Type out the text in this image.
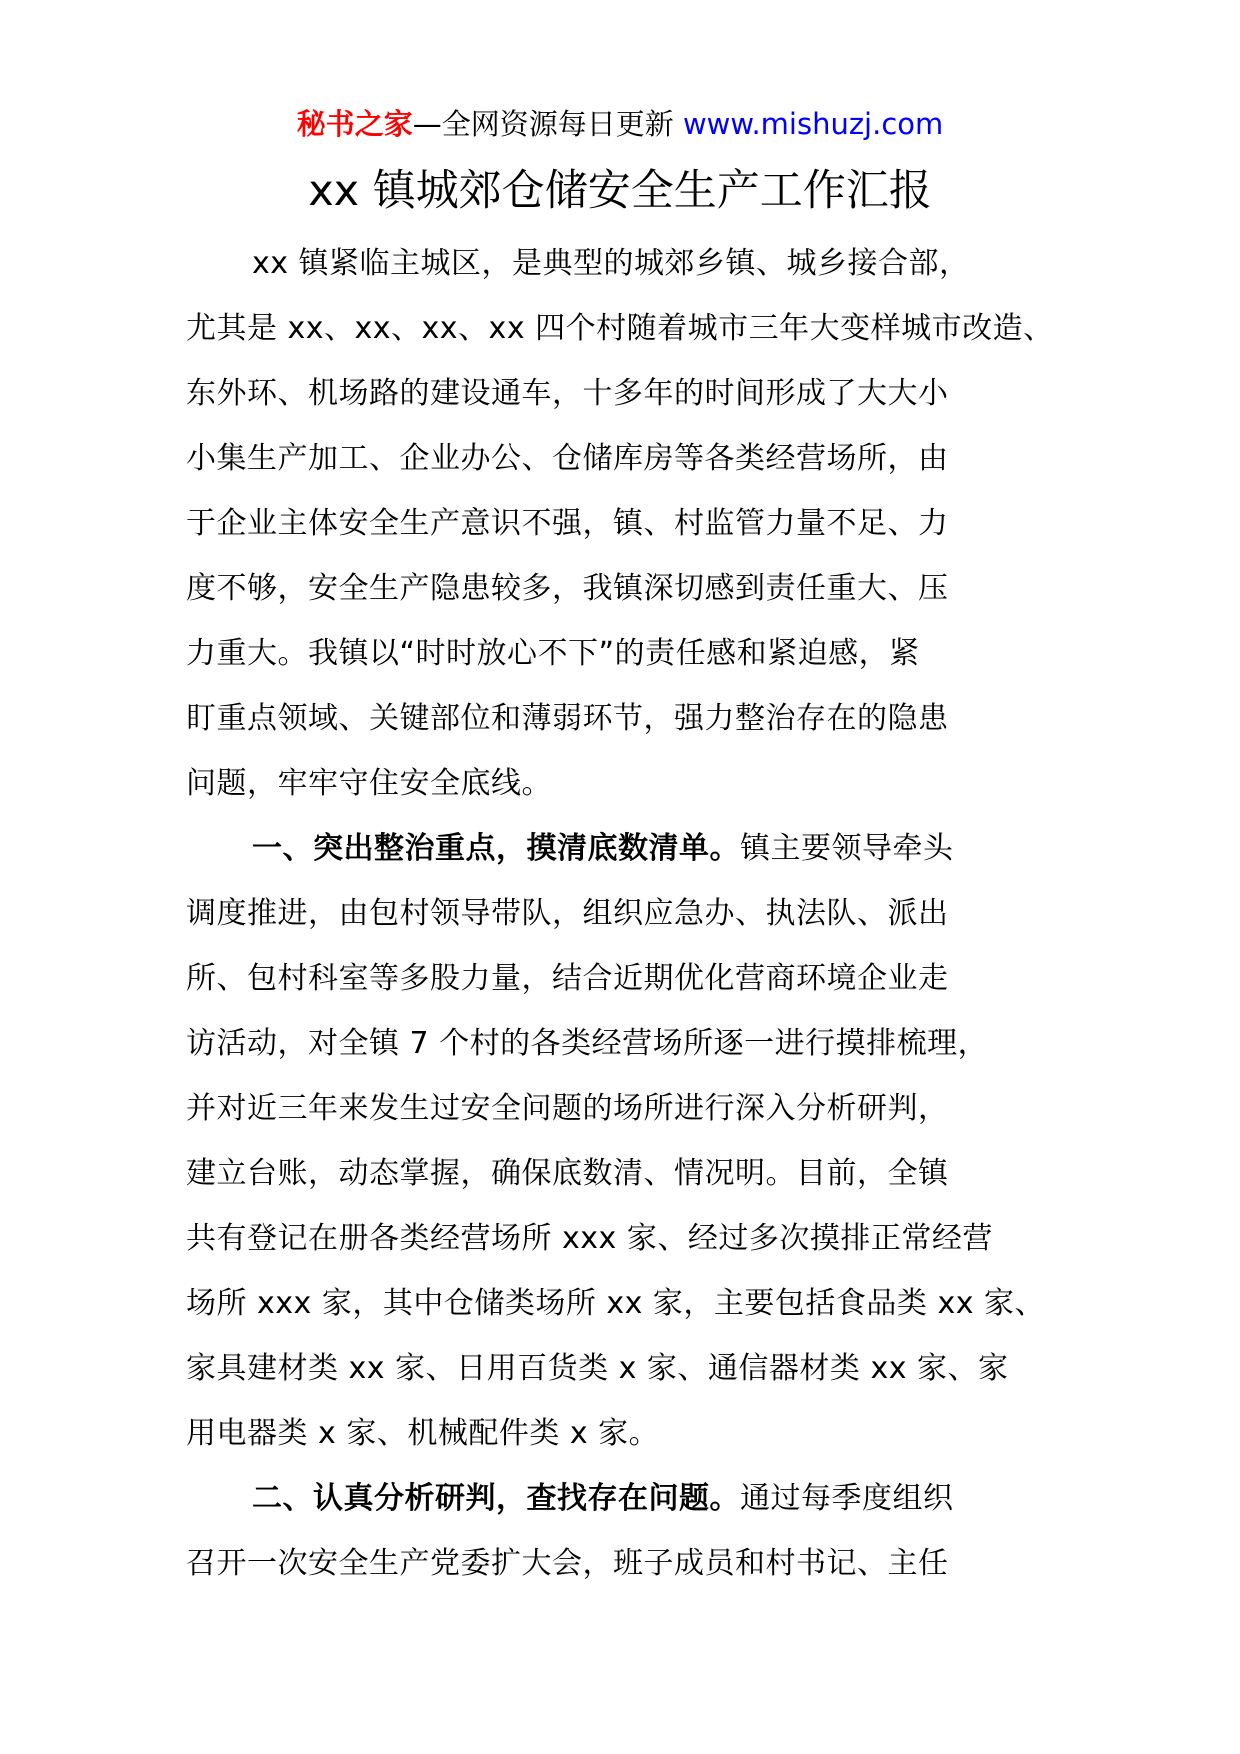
秘书之家—全网资源每日更新 www.mishuzj.com
xx 镇城郊仓储安全生产工作汇报
xx 镇紧临主城区，是典型的城郊乡镇、城乡接合部，
尤其是 xx、xx、xx、xx 四个村随着城市三年大变样城市改造、
东外环、机场路的建设通车，十多年的时间形成了大大小
小集生产加工、企业办公、仓储库房等各类经营场所，由
于企业主体安全生产意识不强，镇、村监管力量不足、力
度不够，安全生产隐患较多，我镇深切感到责任重大、压
力重大。我镇以“时时放心不下”的责任感和紧迫感，紧
盯重点领域、关键部位和薄弱环节，强力整治存在的隐患
问题，牢牢守住安全底线。
一、突出整治重点，摸清底数清单。镇主要领导牵头
调度推进，由包村领导带队，组织应急办、执法队、派出
所、包村科室等多股力量，结合近期优化营商环境企业走
访活动，对全镇 7 个村的各类经营场所逐一进行摸排梳理，
并对近三年来发生过安全问题的场所进行深入分析研判，
建立台账，动态掌握，确保底数清、情况明。目前，全镇
共有登记在册各类经营场所 xxx 家、经过多次摸排正常经营
场所 xxx 家，其中仓储类场所 xx 家，主要包括食品类 xx 家、
家具建材类 xx 家、日用百货类 x 家、通信器材类 xx 家、家
用电器类 x 家、机械配件类 x 家。
二、认真分析研判，查找存在问题。通过每季度组织
召开一次安全生产党委扩大会，班子成员和村书记、主任
